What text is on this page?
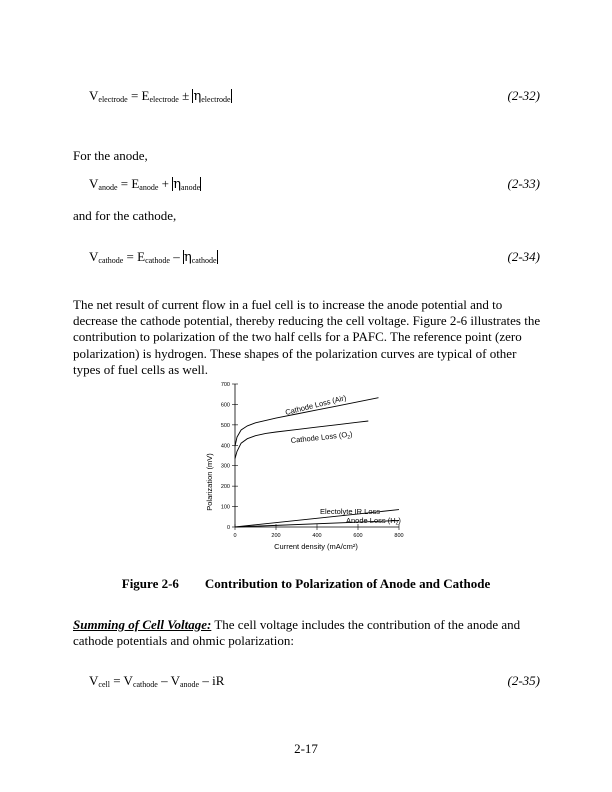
$V_{electrode} = E_{electrode} \pm \eta_{electrode}$	(2-32)
For the anode,
$V_{anode} = E_{anode} + \eta_{anode}$	(2-33)
and for the cathode,
$V_{cathode} = E_{cathode} - \eta_{cathode}$	(2-34)
The net result of current flow in a fuel cell is to increase the anode potential and to decrease the cathode potential, thereby reducing the cell voltage. Figure 2-6 illustrates the contribution to polarization of the two half cells for a PAFC. The reference point (zero polarization) is hydrogen. These shapes of the polarization curves are typical of other types of fuel cells as well.
0
100
200
300
400
500
600
700
0	200	400	600	800
Current density (mA/cm²)
Polarization (mV)
Cathode Loss (Air)
Cathode Loss $(O_2)$
Electolyte IR Loss
Anode Loss $(H_2)$
Figure 2-6 Contribution to Polarization of Anode and Cathode
Summing of Cell Voltage: The cell voltage includes the contribution of the anode and cathode potentials and ohmic polarization:
$V_{cell} = V_{cathode} - V_{anode}$ – iR	(2-35)
2-17
